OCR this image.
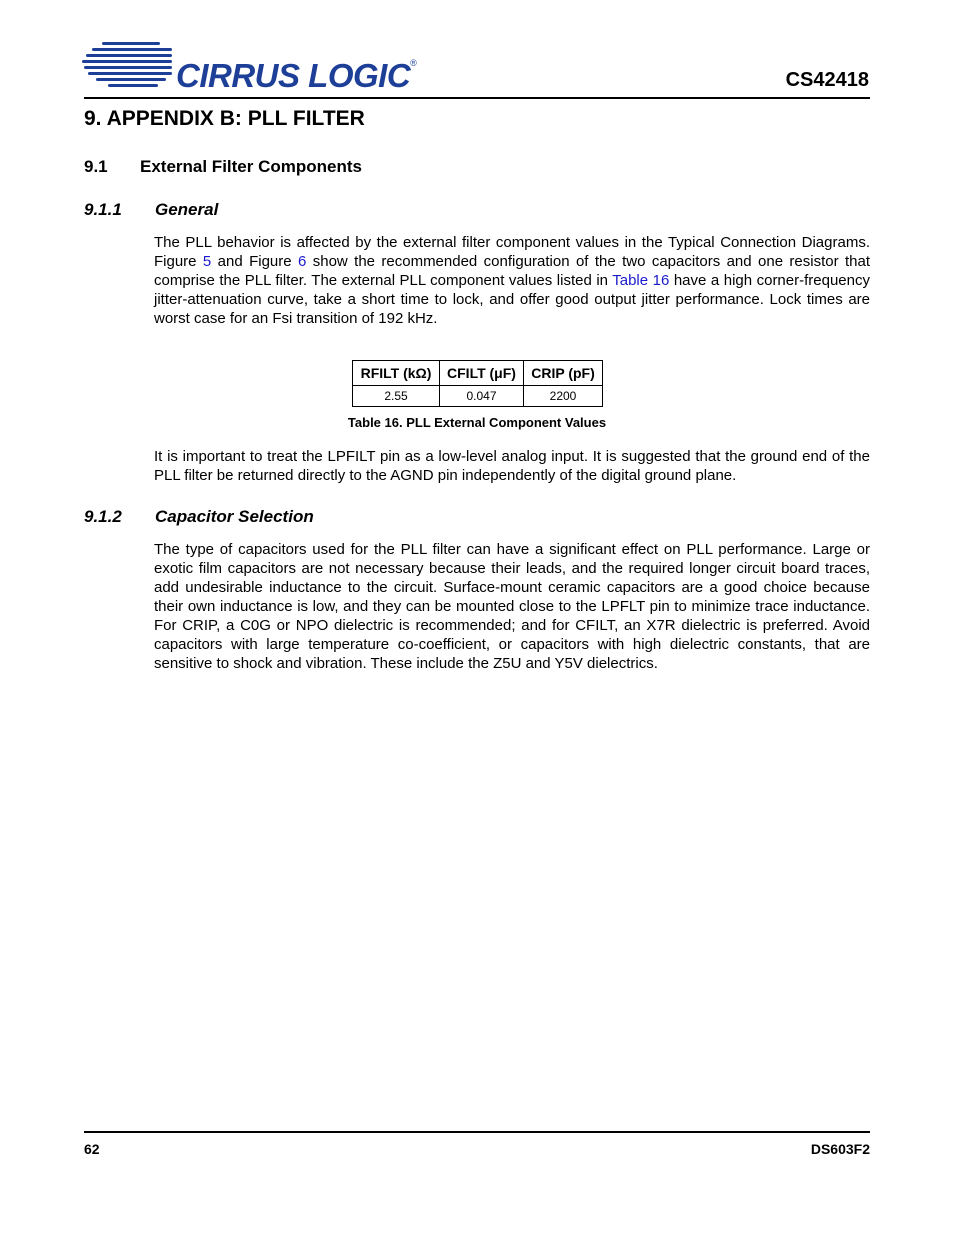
CIRRUS LOGIC®
CS42418
9. APPENDIX B: PLL FILTER
9.1 External Filter Components
9.1.1 General
The PLL behavior is affected by the external filter component values in the Typical Connection Diagrams. Figure 5 and Figure 6 show the recommended configuration of the two capacitors and one resistor that comprise the PLL filter. The external PLL component values listed in Table 16 have a high corner-frequency jitter-attenuation curve, take a short time to lock, and offer good output jitter performance. Lock times are worst case for an Fsi transition of 192 kHz.
RFILT (kΩ)	CFILT (μF)	CRIP (pF)
2.55	0.047	2200
Table 16. PLL External Component Values
It is important to treat the LPFILT pin as a low-level analog input. It is suggested that the ground end of the PLL filter be returned directly to the AGND pin independently of the digital ground plane.
9.1.2 Capacitor Selection
The type of capacitors used for the PLL filter can have a significant effect on PLL performance. Large or exotic film capacitors are not necessary because their leads, and the required longer circuit board traces, add undesirable inductance to the circuit. Surface-mount ceramic capacitors are a good choice because their own inductance is low, and they can be mounted close to the LPFLT pin to minimize trace inductance. For CRIP, a C0G or NPO dielectric is recommended; and for CFILT, an X7R dielectric is preferred. Avoid capacitors with large temperature co-coefficient, or capacitors with high dielectric constants, that are sensitive to shock and vibration. These include the Z5U and Y5V dielectrics.
62	DS603F2
